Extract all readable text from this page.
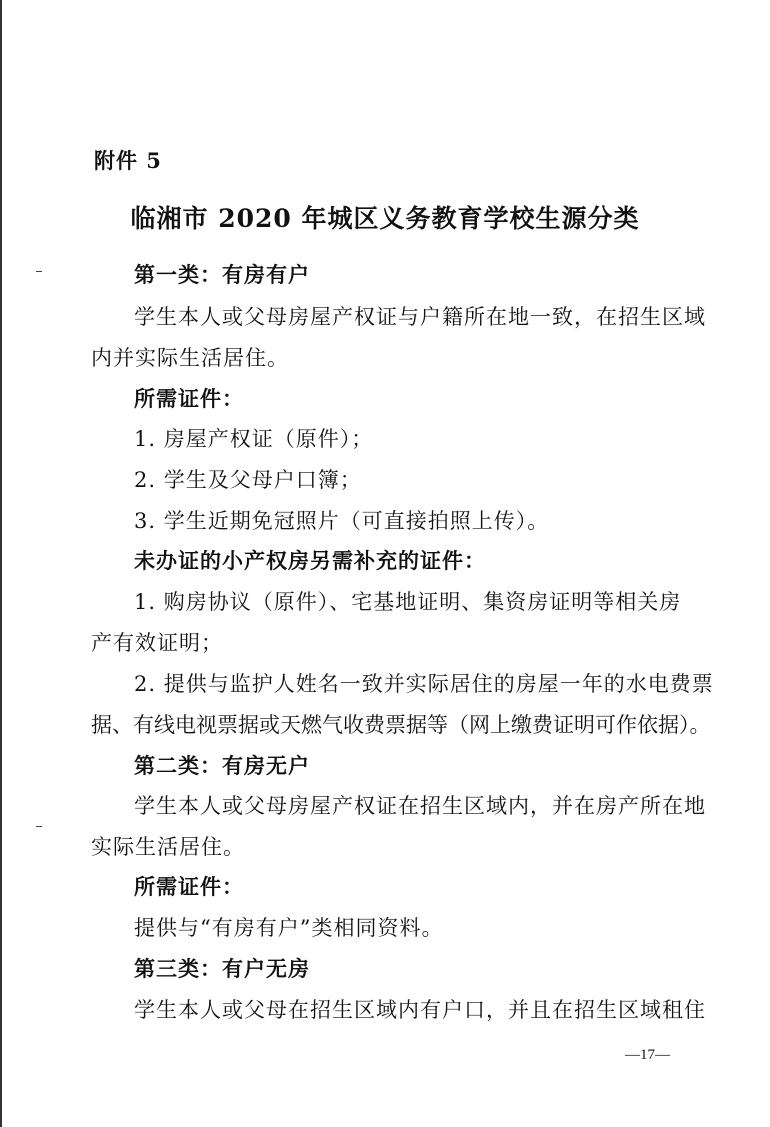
附件 5
临湘市 2020 年城区义务教育学校生源分类
第一类：有房有户
学生本人或父母房屋产权证与户籍所在地一致，在招生区域
内并实际生活居住。
所需证件：
1. 房屋产权证（原件）；
2. 学生及父母户口簿；
3. 学生近期免冠照片（可直接拍照上传）。
未办证的小产权房另需补充的证件：
1. 购房协议（原件）、宅基地证明、集资房证明等相关房
产有效证明；
2. 提供与监护人姓名一致并实际居住的房屋一年的水电费票
据、有线电视票据或天燃气收费票据等（网上缴费证明可作依据）。
第二类：有房无户
学生本人或父母房屋产权证在招生区域内，并在房产所在地
实际生活居住。
所需证件：
提供与“有房有户”类相同资料。
第三类：有户无房
学生本人或父母在招生区域内有户口，并且在招生区域租住
—17—
